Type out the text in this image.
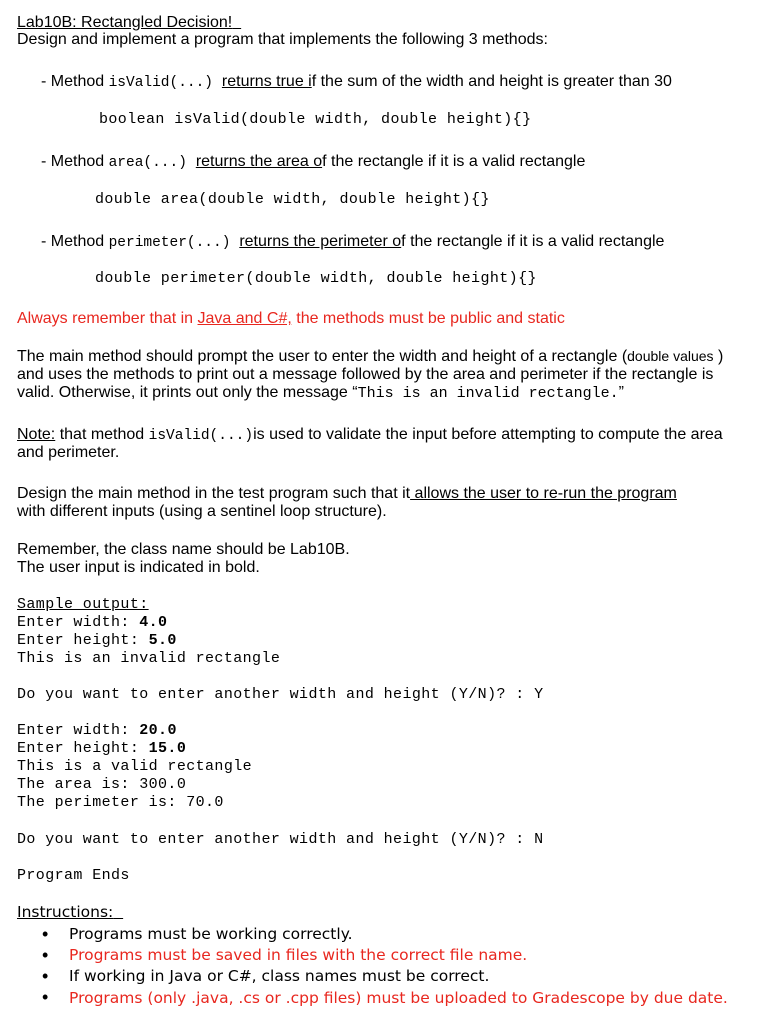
Lab10B: Rectangled Decision!
Design and implement a program that implements the following 3 methods:
- Method isValid(...) returns true if the sum of the width and height is greater than 30
boolean isValid(double width, double height){}
- Method area(...) returns the area of the rectangle if it is a valid rectangle
double area(double width, double height){}
- Method perimeter(...) returns the perimeter of the rectangle if it is a valid rectangle
double perimeter(double width, double height){}
Always remember that in Java and C#, the methods must be public and static
The main method should prompt the user to enter the width and height of a rectangle (double values )
and uses the methods to print out a message followed by the area and perimeter if the rectangle is
valid. Otherwise, it prints out only the message “This is an invalid rectangle.”
Note: that method isValid(...)is used to validate the input before attempting to compute the area
and perimeter.
Design the main method in the test program such that it allows the user to re-run the program
with different inputs (using a sentinel loop structure).
Remember, the class name should be Lab10B.
The user input is indicated in bold.
Sample output:
Enter width: 4.0
Enter height: 5.0
This is an invalid rectangle
Do you want to enter another width and height (Y/N)? : Y
Enter width: 20.0
Enter height: 15.0
This is a valid rectangle
The area is: 300.0
The perimeter is: 70.0
Do you want to enter another width and height (Y/N)? : N
Program Ends
Instructions:
• Programs must be working correctly.
• Programs must be saved in files with the correct file name.
• If working in Java or C#, class names must be correct.
• Programs (only .java, .cs or .cpp files) must be uploaded to Gradescope by due date.
